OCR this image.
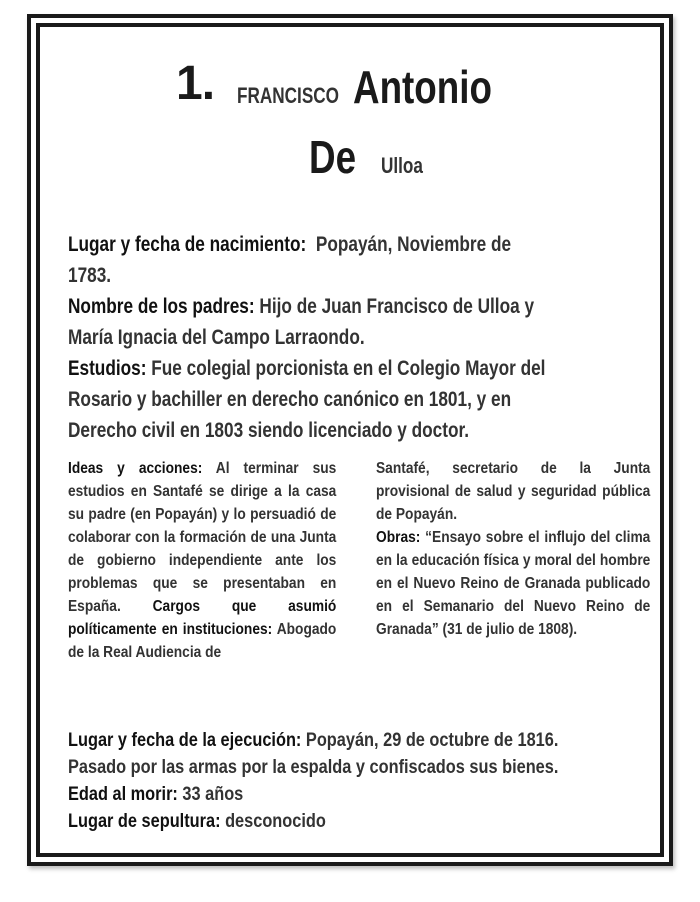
1. FRANCISCO Antonio
De	Ulloa
Lugar y fecha de nacimiento: Popayán, Noviembre de
1783.
Nombre de los padres: Hijo de Juan Francisco de Ulloa y
María Ignacia del Campo Larraondo.
Estudios: Fue colegial porcionista en el Colegio Mayor del
Rosario y bachiller en derecho canónico en 1801, y en
Derecho civil en 1803 siendo licenciado y doctor.
Ideas y acciones: Al terminar sus estudios en Santafé se dirige a la casa su padre (en Popayán) y lo persuadió de colaborar con la formación de una Junta de gobierno independiente ante los problemas que se presentaban en España. Cargos que asumió políticamente en instituciones: Abogado de la Real Audiencia de
Santafé, secretario de la Junta provisional de salud y seguridad pública de Popayán.
Obras: “Ensayo sobre el influjo del clima en la educación física y moral del hombre en el Nuevo Reino de Granada publicado en el Semanario del Nuevo Reino de Granada” (31 de julio de 1808).
Lugar y fecha de la ejecución: Popayán, 29 de octubre de 1816.
Pasado por las armas por la espalda y confiscados sus bienes.
Edad al morir: 33 años
Lugar de sepultura: desconocido
